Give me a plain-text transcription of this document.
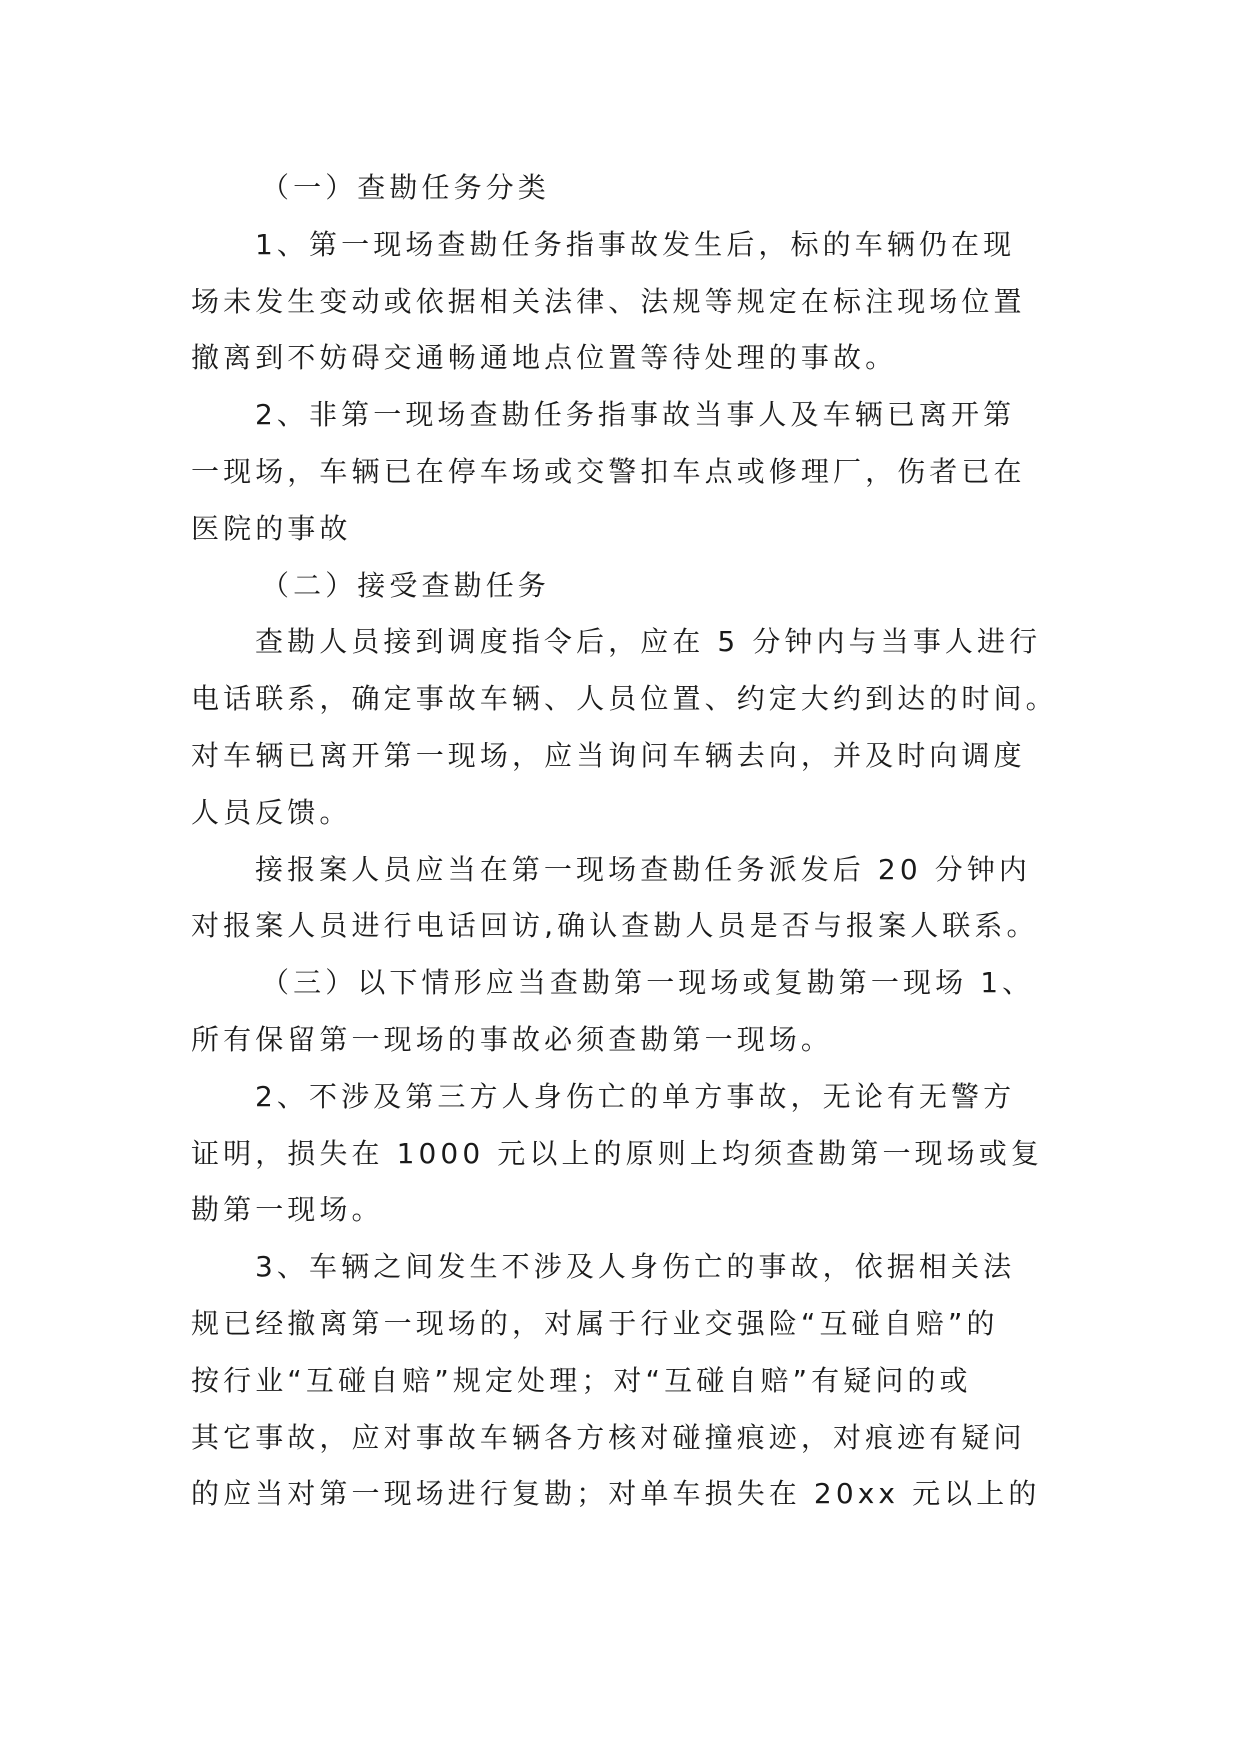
（一）查勘任务分类
1、第一现场查勘任务指事故发生后，标的车辆仍在现
场未发生变动或依据相关法律、法规等规定在标注现场位置
撤离到不妨碍交通畅通地点位置等待处理的事故。
2、非第一现场查勘任务指事故当事人及车辆已离开第
一现场，车辆已在停车场或交警扣车点或修理厂，伤者已在
医院的事故
（二）接受查勘任务
查勘人员接到调度指令后，应在 5 分钟内与当事人进行
电话联系，确定事故车辆、人员位置、约定大约到达的时间。
对车辆已离开第一现场，应当询问车辆去向，并及时向调度
人员反馈。
接报案人员应当在第一现场查勘任务派发后 20 分钟内
对报案人员进行电话回访,确认查勘人员是否与报案人联系。
（三）以下情形应当查勘第一现场或复勘第一现场 1、
所有保留第一现场的事故必须查勘第一现场。
2、不涉及第三方人身伤亡的单方事故，无论有无警方
证明，损失在 1000 元以上的原则上均须查勘第一现场或复
勘第一现场。
3、车辆之间发生不涉及人身伤亡的事故，依据相关法
规已经撤离第一现场的，对属于行业交强险“互碰自赔”的
按行业“互碰自赔”规定处理；对“互碰自赔”有疑问的或
其它事故，应对事故车辆各方核对碰撞痕迹，对痕迹有疑问
的应当对第一现场进行复勘；对单车损失在 20xx 元以上的
